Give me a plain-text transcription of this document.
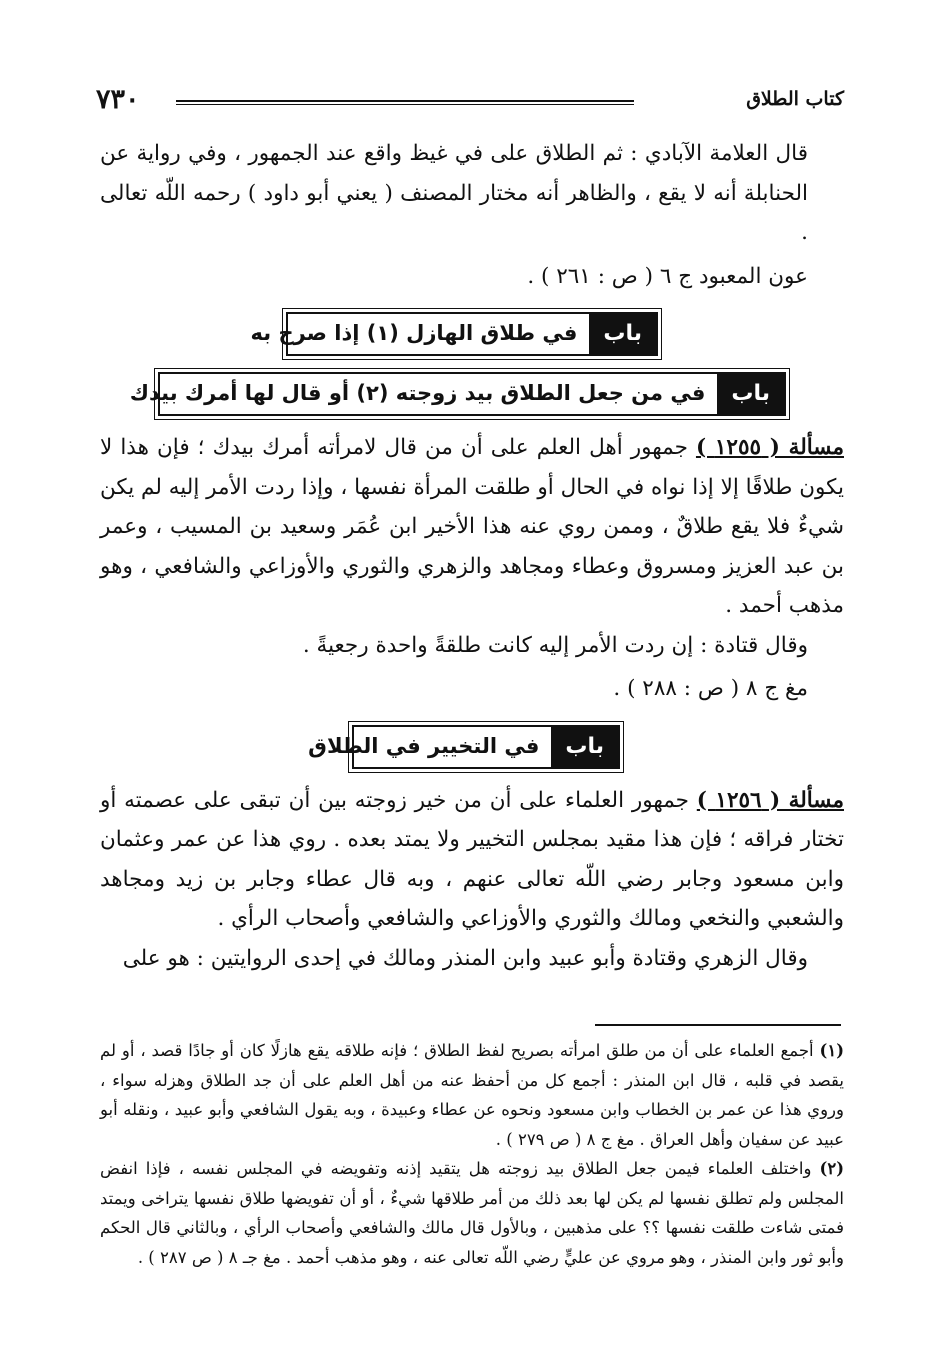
كتاب الطلاق
٧٣٠

قال العلامة الآبادي : ثم الطلاق على في غيظ واقع عند الجمهور ، وفي رواية عن الحنابلة أنه لا يقع ، والظاهر أنه مختار المصنف ( يعني أبو داود ) رحمه اللّه تعالى .

عون المعبود ج ٦ ( ص : ٢٦١ ) .

باب
في طلاق الهازل (١) إذا صرح به
باب
في من جعل الطلاق بيد زوجته (٢) أو قال لها أمرك بيدك

مسألة ( ١٢٥٥ ) جمهور أهل العلم على أن من قال لامرأته أمرك بيدك ؛ فإن هذا لا يكون طلاقًا إلا إذا نواه في الحال أو طلقت المرأة نفسها ، وإذا ردت الأمر إليه لم يكن شيءٌ فلا يقع طلاقٌ ، وممن روي عنه هذا الأخير ابن عُمَر وسعيد بن المسيب ، وعمر بن عبد العزيز ومسروق وعطاء ومجاهد والزهري والثوري والأوزاعي والشافعي ، وهو مذهب أحمد .

وقال قتادة : إن ردت الأمر إليه كانت طلقةً واحدة رجعيةً .

مغ ج ٨ ( ص : ٢٨٨ ) .

باب
في التخيير في الطلاق

مسألة ( ١٢٥٦ ) جمهور العلماء على أن من خير زوجته بين أن تبقى على عصمته أو تختار فراقه ؛ فإن هذا مقيد بمجلس التخيير ولا يمتد بعده . روي هذا عن عمر وعثمان وابن مسعود وجابر رضي اللّه تعالى عنهم ، وبه قال عطاء وجابر بن زيد ومجاهد والشعبي والنخعي ومالك والثوري والأوزاعي والشافعي وأصحاب الرأي .

وقال الزهري وقتادة وأبو عبيد وابن المنذر ومالك في إحدى الروايتين : هو على

(١) أجمع العلماء على أن من طلق امرأته بصريح لفظ الطلاق ؛ فإنه طلاقه يقع هازلًا كان أو جادًا قصد ، أو لم يقصد في قلبه ، قال ابن المنذر : أجمع كل من أحفظ عنه من أهل العلم على أن جد الطلاق وهزله سواء ، وروي هذا عن عمر بن الخطاب وابن مسعود ونحوه عن عطاء وعبيدة ، وبه يقول الشافعي وأبو عبيد ، ونقله أبو عبيد عن سفيان وأهل العراق . مغ ج ٨ ( ص ٢٧٩ ) .

(٢) واختلف العلماء فيمن جعل الطلاق بيد زوجته هل يتقيد إذنه وتفويضه في المجلس نفسه ، فإذا انفض المجلس ولم تطلق نفسها لم يكن لها بعد ذلك من أمر طلاقها شيءٌ ، أو أن تفويضها طلاق نفسها يتراخى ويمتد فمتى شاءت طلقت نفسها ؟؟ على مذهبين ، وبالأول قال مالك والشافعي وأصحاب الرأي ، وبالثاني قال الحكم وأبو ثور وابن المنذر ، وهو مروي عن عليٍّ رضي اللّه تعالى عنه ، وهو مذهب أحمد . مغ جـ ٨ ( ص ٢٨٧ ) .
